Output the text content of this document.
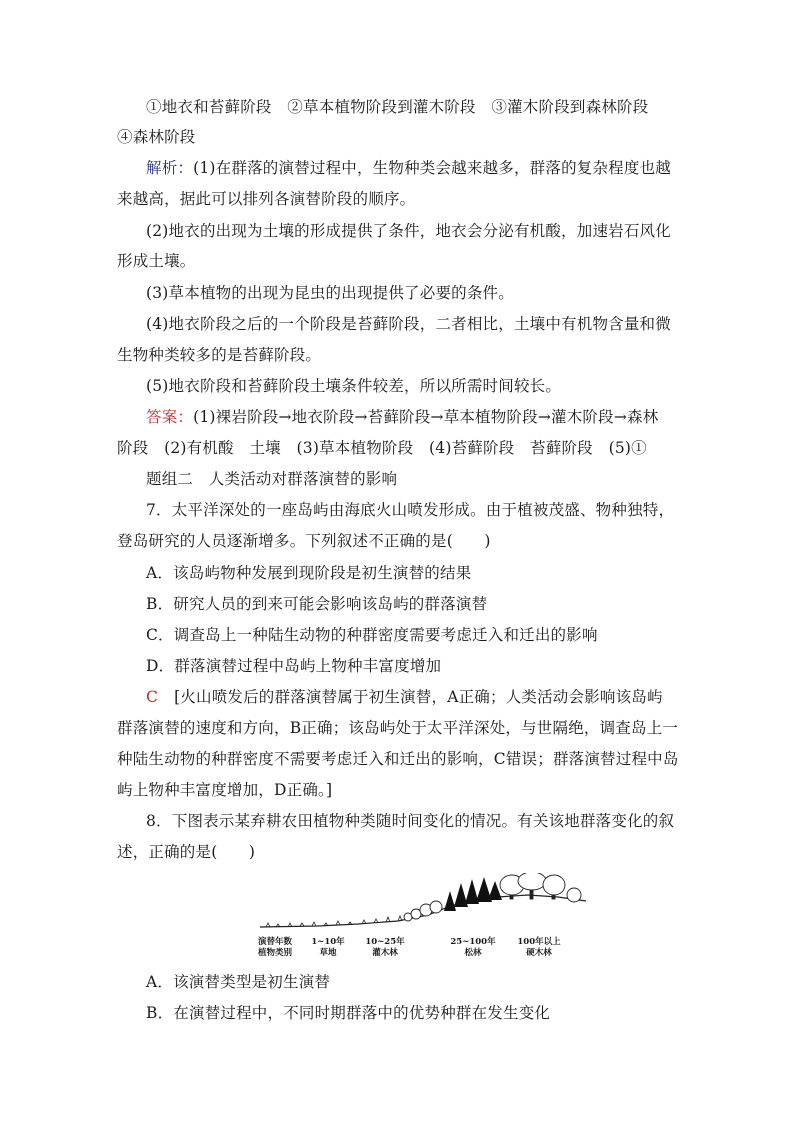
①地衣和苔藓阶段　②草本植物阶段到灌木阶段　③灌木阶段到森林阶段
④森林阶段
解析：(1)在群落的演替过程中，生物种类会越来越多，群落的复杂程度也越
来越高，据此可以排列各演替阶段的顺序。
(2)地衣的出现为土壤的形成提供了条件，地衣会分泌有机酸，加速岩石风化
形成土壤。
(3)草本植物的出现为昆虫的出现提供了必要的条件。
(4)地衣阶段之后的一个阶段是苔藓阶段，二者相比，土壤中有机物含量和微
生物种类较多的是苔藓阶段。
(5)地衣阶段和苔藓阶段土壤条件较差，所以所需时间较长。
答案：(1)裸岩阶段→地衣阶段→苔藓阶段→草本植物阶段→灌木阶段→森林
阶段　(2)有机酸　土壤　(3)草本植物阶段　(4)苔藓阶段　苔藓阶段　(5)①
题组二　人类活动对群落演替的影响
7．太平洋深处的一座岛屿由海底火山喷发形成。由于植被茂盛、物种独特，
登岛研究的人员逐渐增多。下列叙述不正确的是(　　)
A．该岛屿物种发展到现阶段是初生演替的结果
B．研究人员的到来可能会影响该岛屿的群落演替
C．调查岛上一种陆生动物的种群密度需要考虑迁入和迁出的影响
D．群落演替过程中岛屿上物种丰富度增加
C [火山喷发后的群落演替属于初生演替，A正确；人类活动会影响该岛屿
群落演替的速度和方向，B正确；该岛屿处于太平洋深处，与世隔绝，调查岛上一
种陆生动物的种群密度不需要考虑迁入和迁出的影响，C错误；群落演替过程中岛
屿上物种丰富度增加，D正确。]
8．下图表示某弃耕农田植物种类随时间变化的情况。有关该地群落变化的叙
述，正确的是(　　)
演替年数
植物类别
1~10年
草地
10~25年
灌木林
25~100年
松林
100年以上
硬木林
A．该演替类型是初生演替
B．在演替过程中，不同时期群落中的优势种群在发生变化
